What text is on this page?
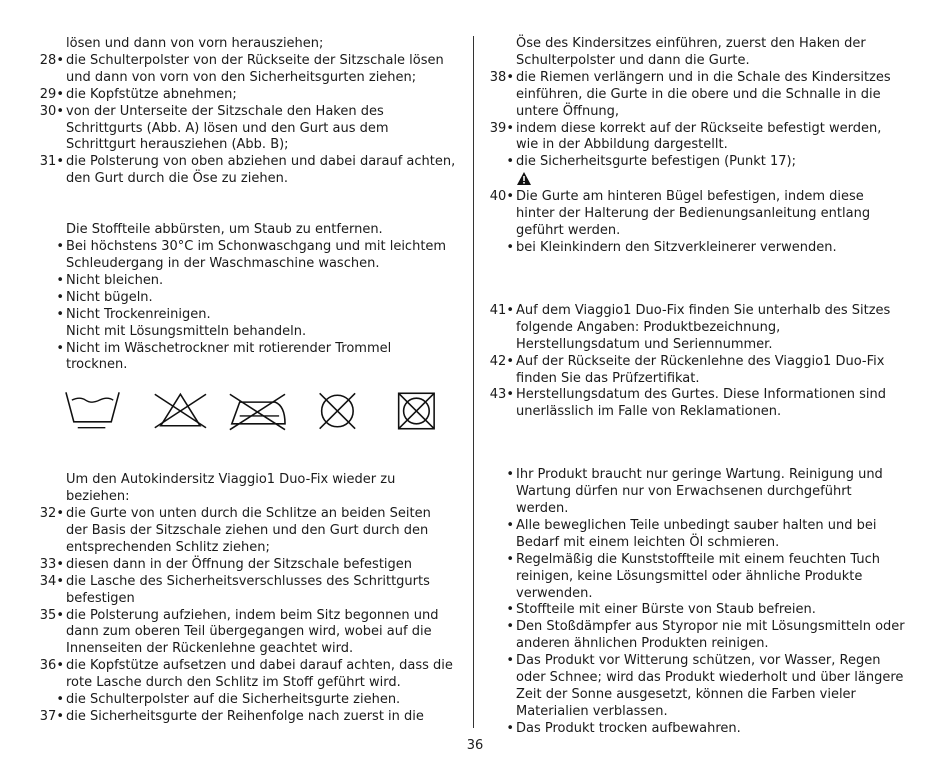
lösen und dann von vorn herausziehen;
28• die Schulterpolster von der Rückseite der Sitzschale lösen und dann von vorn von den Sicherheitsgurten ziehen;
29• die Kopfstütze abnehmen;
30• von der Unterseite der Sitzschale den Haken des Schrittgurts (Abb. A) lösen und den Gurt aus dem Schrittgurt herausziehen (Abb. B);
31• die Polsterung von oben abziehen und dabei darauf achten, den Gurt durch die Öse zu ziehen.
Die Stoffteile abbürsten, um Staub zu entfernen.
• Bei höchstens 30°C im Schonwaschgang und mit leichtem Schleudergang in der Waschmaschine waschen.
• Nicht bleichen.
• Nicht bügeln.
• Nicht Trockenreinigen.
Nicht mit Lösungsmitteln behandeln.
• Nicht im Wäschetrockner mit rotierender Trommel trocknen.
Um den Autokindersitz Viaggio1 Duo-Fix wieder zu beziehen:
32• die Gurte von unten durch die Schlitze an beiden Seiten der Basis der Sitzschale ziehen und den Gurt durch den entsprechenden Schlitz ziehen;
33• diesen dann in der Öffnung der Sitzschale befestigen
34• die Lasche des Sicherheitsverschlusses des Schrittgurts befestigen
35• die Polsterung aufziehen, indem beim Sitz begonnen und dann zum oberen Teil übergegangen wird, wobei auf die Innenseiten der Rückenlehne geachtet wird.
36• die Kopfstütze aufsetzen und dabei darauf achten, dass die rote Lasche durch den Schlitz im Stoff geführt wird.
• die Schulterpolster auf die Sicherheitsgurte ziehen.
37• die Sicherheitsgurte der Reihenfolge nach zuerst in die
Öse des Kindersitzes einführen, zuerst den Haken der Schulterpolster und dann die Gurte.
38• die Riemen verlängern und in die Schale des Kindersitzes einführen, die Gurte in die obere und die Schnalle in die untere Öffnung,
39• indem diese korrekt auf der Rückseite befestigt werden, wie in der Abbildung dargestellt.
• die Sicherheitsgurte befestigen (Punkt 17);
40• Die Gurte am hinteren Bügel befestigen, indem diese hinter der Halterung der Bedienungsanleitung entlang geführt werden.
• bei Kleinkindern den Sitzverkleinerer verwenden.
41• Auf dem Viaggio1 Duo-Fix finden Sie unterhalb des Sitzes folgende Angaben: Produktbezeichnung, Herstellungsdatum und Seriennummer.
42• Auf der Rückseite der Rückenlehne des Viaggio1 Duo-Fix finden Sie das Prüfzertifikat.
43• Herstellungsdatum des Gurtes. Diese Informationen sind unerlässlich im Falle von Reklamationen.
• Ihr Produkt braucht nur geringe Wartung. Reinigung und Wartung dürfen nur von Erwachsenen durchgeführt werden.
• Alle beweglichen Teile unbedingt sauber halten und bei Bedarf mit einem leichten Öl schmieren.
• Regelmäßig die Kunststoffteile mit einem feuchten Tuch reinigen, keine Lösungsmittel oder ähnliche Produkte verwenden.
• Stoffteile mit einer Bürste von Staub befreien.
• Den Stoßdämpfer aus Styropor nie mit Lösungsmitteln oder anderen ähnlichen Produkten reinigen.
• Das Produkt vor Witterung schützen, vor Wasser, Regen oder Schnee; wird das Produkt wiederholt und über längere Zeit der Sonne ausgesetzt, können die Farben vieler Materialien verblassen.
• Das Produkt trocken aufbewahren.
36
